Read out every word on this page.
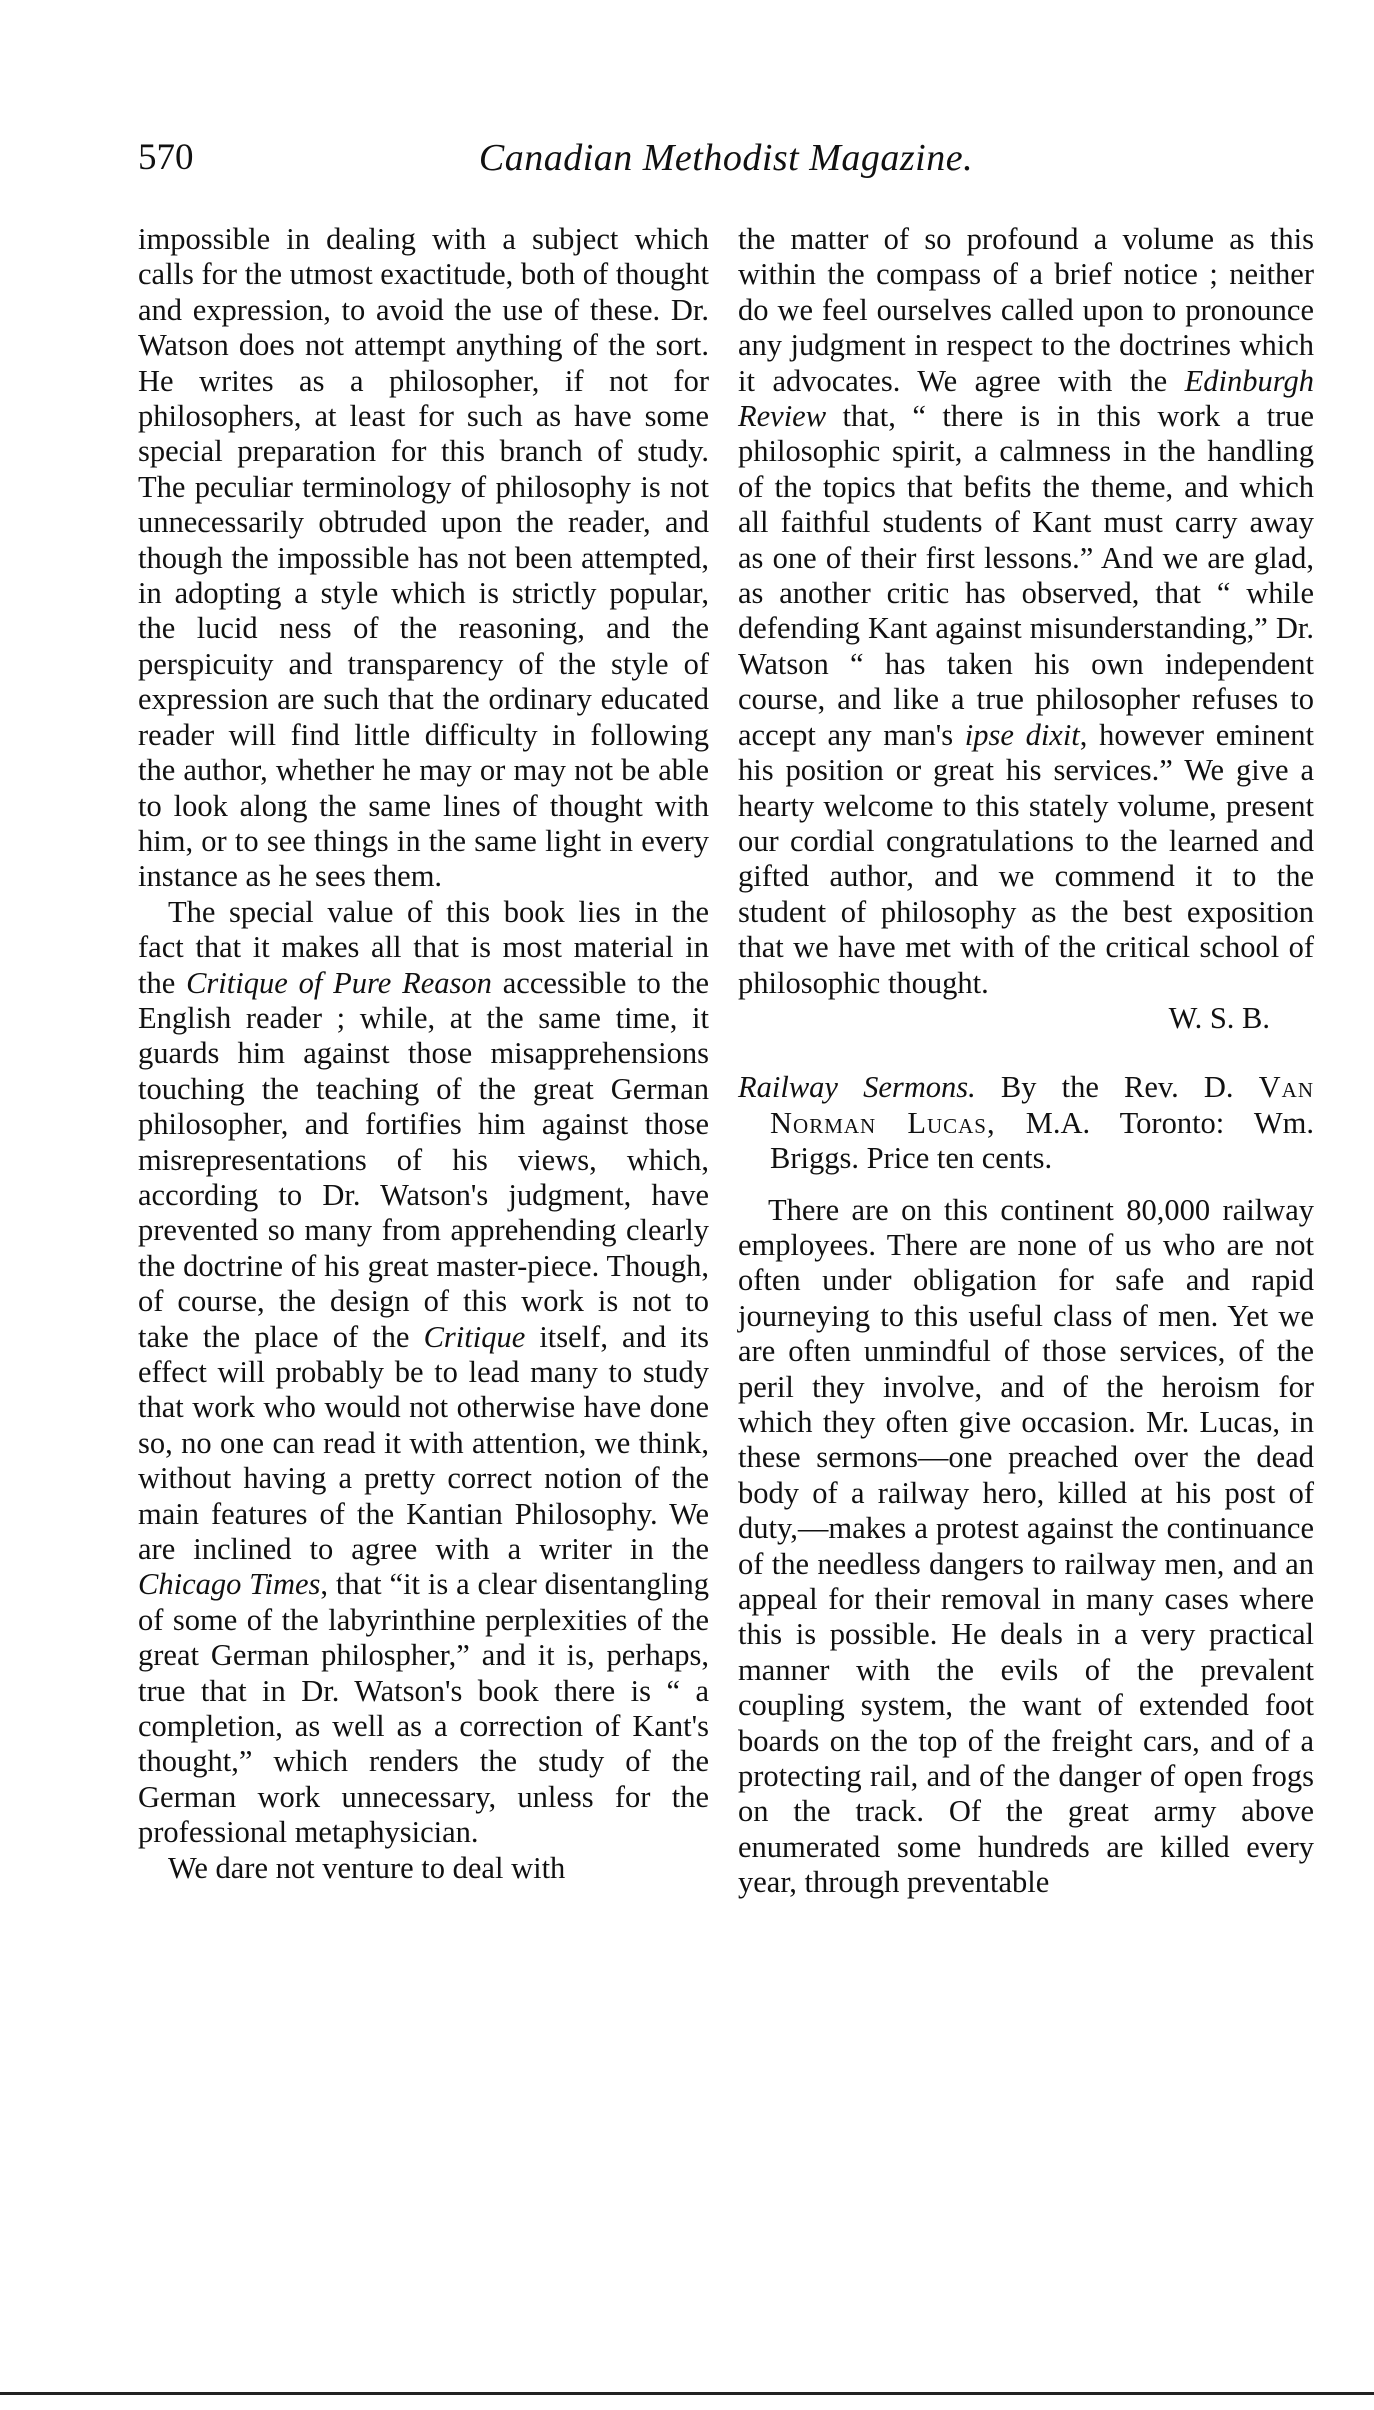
570	Canadian Methodist Magazine.

impossible in dealing with a subject which calls for the utmost exactitude, both of thought and expression, to avoid the use of these. Dr. Watson does not attempt anything of the sort. He writes as a philosopher, if not for philosophers, at least for such as have some special preparation for this branch of study. The peculiar terminology of philosophy is not unnecessarily obtruded upon the reader, and though the impossible has not been attempted, in adopting a style which is strictly popular, the lucid ness of the reasoning, and the perspicuity and transparency of the style of expression are such that the ordinary educated reader will find little difficulty in following the author, whether he may or may not be able to look along the same lines of thought with him, or to see things in the same light in every instance as he sees them.

The special value of this book lies in the fact that it makes all that is most material in the Critique of Pure Reason accessible to the English reader ; while, at the same time, it guards him against those misapprehensions touching the teaching of the great German philosopher, and fortifies him against those misrepresentations of his views, which, according to Dr. Watson's judgment, have prevented so many from apprehending clearly the doctrine of his great master-piece. Though, of course, the design of this work is not to take the place of the Critique itself, and its effect will probably be to lead many to study that work who would not otherwise have done so, no one can read it with attention, we think, without having a pretty correct notion of the main features of the Kantian Philosophy. We are inclined to agree with a writer in the Chicago Times, that “it is a clear disentangling of some of the labyrinthine perplexities of the great German philospher,” and it is, perhaps, true that in Dr. Watson's book there is “ a completion, as well as a correction of Kant's thought,” which renders the study of the German work unnecessary, unless for the professional metaphysician.

We dare not venture to deal with

the matter of so profound a volume as this within the compass of a brief notice ; neither do we feel ourselves called upon to pronounce any judgment in respect to the doctrines which it advocates. We agree with the Edinburgh Review that, “ there is in this work a true philosophic spirit, a calmness in the handling of the topics that befits the theme, and which all faithful students of Kant must carry away as one of their first lessons.” And we are glad, as another critic has observed, that “ while defending Kant against misunderstanding,” Dr. Watson “ has taken his own independent course, and like a true philosopher refuses to accept any man's ipse dixit, however eminent his position or great his services.” We give a hearty welcome to this stately volume, present our cordial congratulations to the learned and gifted author, and we commend it to the student of philosophy as the best exposition that we have met with of the critical school of philosophic thought.

W. S. B.

Railway Sermons. By the Rev. D. Van Norman Lucas, M.A. Toronto: Wm. Briggs. Price ten cents.

There are on this continent 80,000 railway employees. There are none of us who are not often under obligation for safe and rapid journeying to this useful class of men. Yet we are often unmindful of those services, of the peril they involve, and of the heroism for which they often give occasion. Mr. Lucas, in these sermons—one preached over the dead body of a railway hero, killed at his post of duty,—makes a protest against the continuance of the needless dangers to railway men, and an appeal for their removal in many cases where this is possible. He deals in a very practical manner with the evils of the prevalent coupling system, the want of extended foot boards on the top of the freight cars, and of a protecting rail, and of the danger of open frogs on the track. Of the great army above enumerated some hundreds are killed every year, through preventable
